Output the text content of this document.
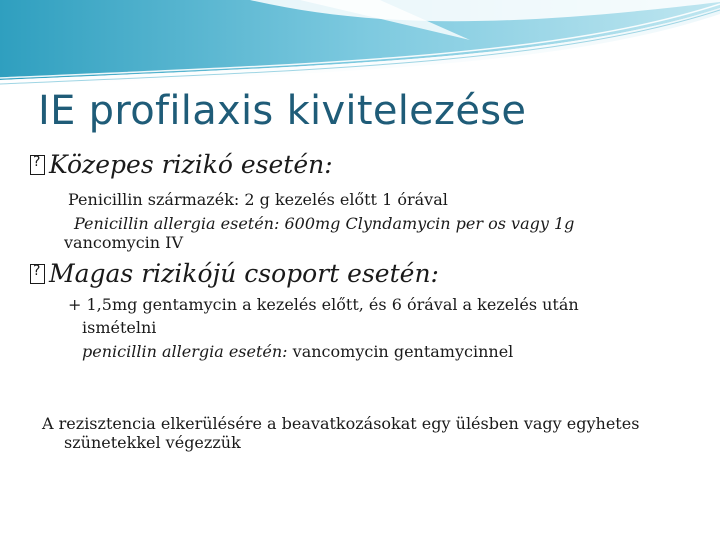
IE profilaxis kivitelezése
?Közepes rizikó esetén:

Penicillin származék: 2 g kezelés előtt 1 órával

Penicillin allergia esetén: 600mg Clyndamycin per os vagy 1g

vancomycin IV

?Magas rizikójú csoport esetén:

+ 1,5mg gentamycin a kezelés előtt, és 6 órával a kezelés után

ismételni

penicillin allergia esetén: vancomycin gentamycinnel

A rezisztencia elkerülésére a beavatkozásokat egy ülésben vagy egyhetes

szünetekkel végezzük
